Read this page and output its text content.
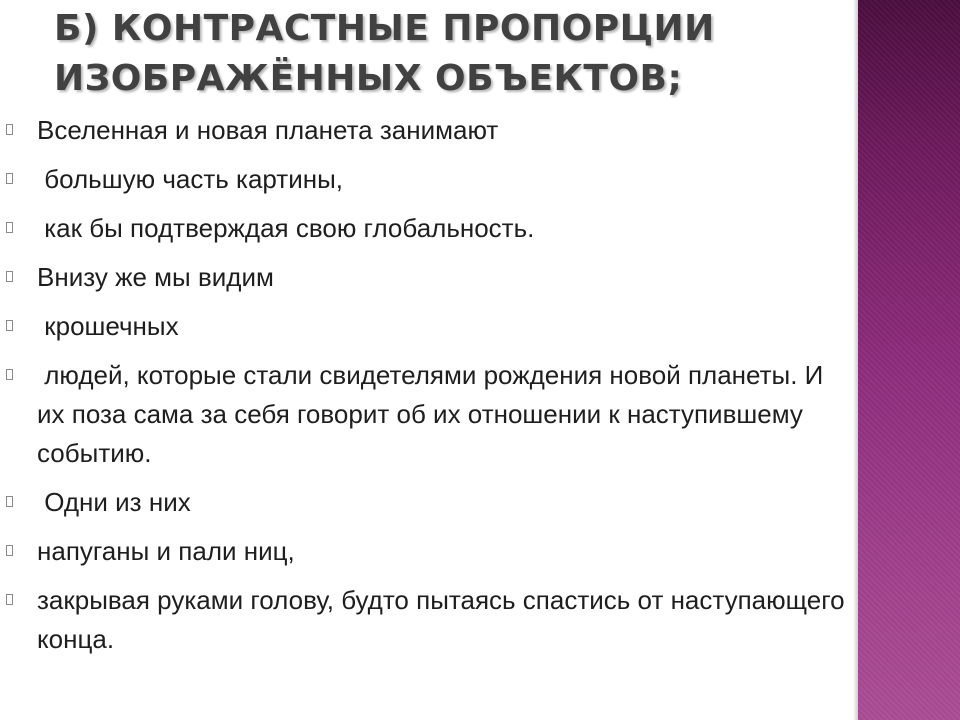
Б) КОНТРАСТНЫЕ ПРОПОРЦИИ
ИЗОБРАЖЁННЫХ ОБЪЕКТОВ;
Вселенная и новая планета занимают
большую часть картины,
как бы подтверждая свою глобальность.
Внизу же мы видим
крошечных
людей, которые стали свидетелями рождения новой планеты. И их поза сама за себя говорит об их отношении к наступившему событию.
Одни из них
напуганы и пали ниц,
закрывая руками голову, будто пытаясь спастись от наступающего конца.
